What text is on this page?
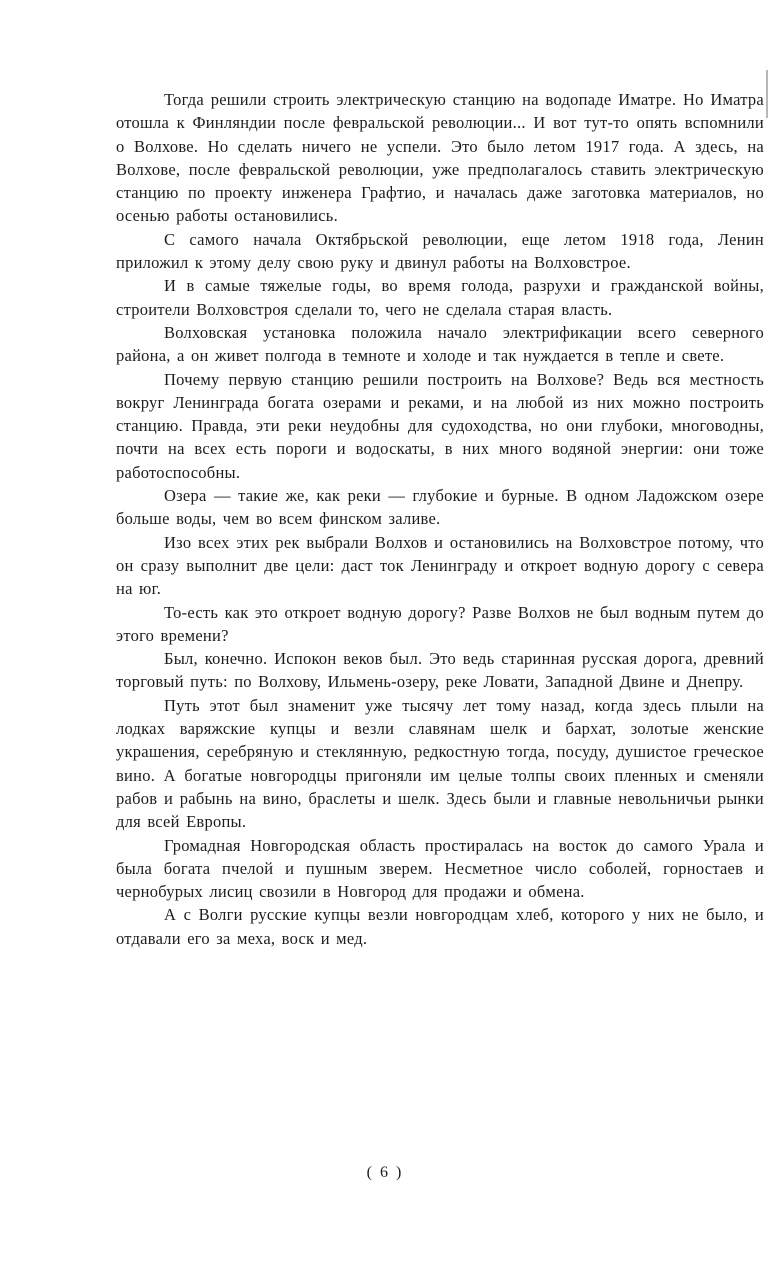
Тогда решили строить электрическую станцию на водопаде Иматре. Но Иматра отошла к Финляндии после февральской революции... И вот тут-то опять вспомнили о Волхове. Но сделать ничего не успели. Это было летом 1917 года. А здесь, на Волхове, после февральской революции, уже предполагалось ставить электрическую станцию по проекту инженера Графтио, и началась даже заготовка материалов, но осенью работы остановились.

С самого начала Октябрьской революции, еще летом 1918 года, Ленин приложил к этому делу свою руку и двинул работы на Волховстрое.

И в самые тяжелые годы, во время голода, разрухи и гражданской войны, строители Волховстроя сделали то, чего не сделала старая власть.

Волховская установка положила начало электрификации всего северного района, а он живет полгода в темноте и холоде и так нуждается в тепле и свете.

Почему первую станцию решили построить на Волхове? Ведь вся местность вокруг Ленинграда богата озерами и реками, и на любой из них можно построить станцию. Правда, эти реки неудобны для судоходства, но они глубоки, многоводны, почти на всех есть пороги и водоскаты, в них много водяной энергии: они тоже работоспособны.

Озера — такие же, как реки — глубокие и бурные. В одном Ладожском озере больше воды, чем во всем финском заливе.

Изо всех этих рек выбрали Волхов и остановились на Волховстрое потому, что он сразу выполнит две цели: даст ток Ленинграду и откроет водную дорогу с севера на юг.

То-есть как это откроет водную дорогу? Разве Волхов не был водным путем до этого времени?

Был, конечно. Испокон веков был. Это ведь старинная русская дорога, древний торговый путь: по Волхову, Ильмень-озеру, реке Ловати, Западной Двине и Днепру.

Путь этот был знаменит уже тысячу лет тому назад, когда здесь плыли на лодках варяжские купцы и везли славянам шелк и бархат, золотые женские украшения, серебряную и стеклянную, редкостную тогда, посуду, душистое греческое вино. А богатые новгородцы пригоняли им целые толпы своих пленных и сменяли рабов и рабынь на вино, браслеты и шелк. Здесь были и главные невольничьи рынки для всей Европы.

Громадная Новгородская область простиралась на восток до самого Урала и была богата пчелой и пушным зверем. Несметное число соболей, горностаев и чернобурых лисиц свозили в Новгород для продажи и обмена.

А с Волги русские купцы везли новгородцам хлеб, которого у них не было, и отдавали его за меха, воск и мед.

( 6 )
